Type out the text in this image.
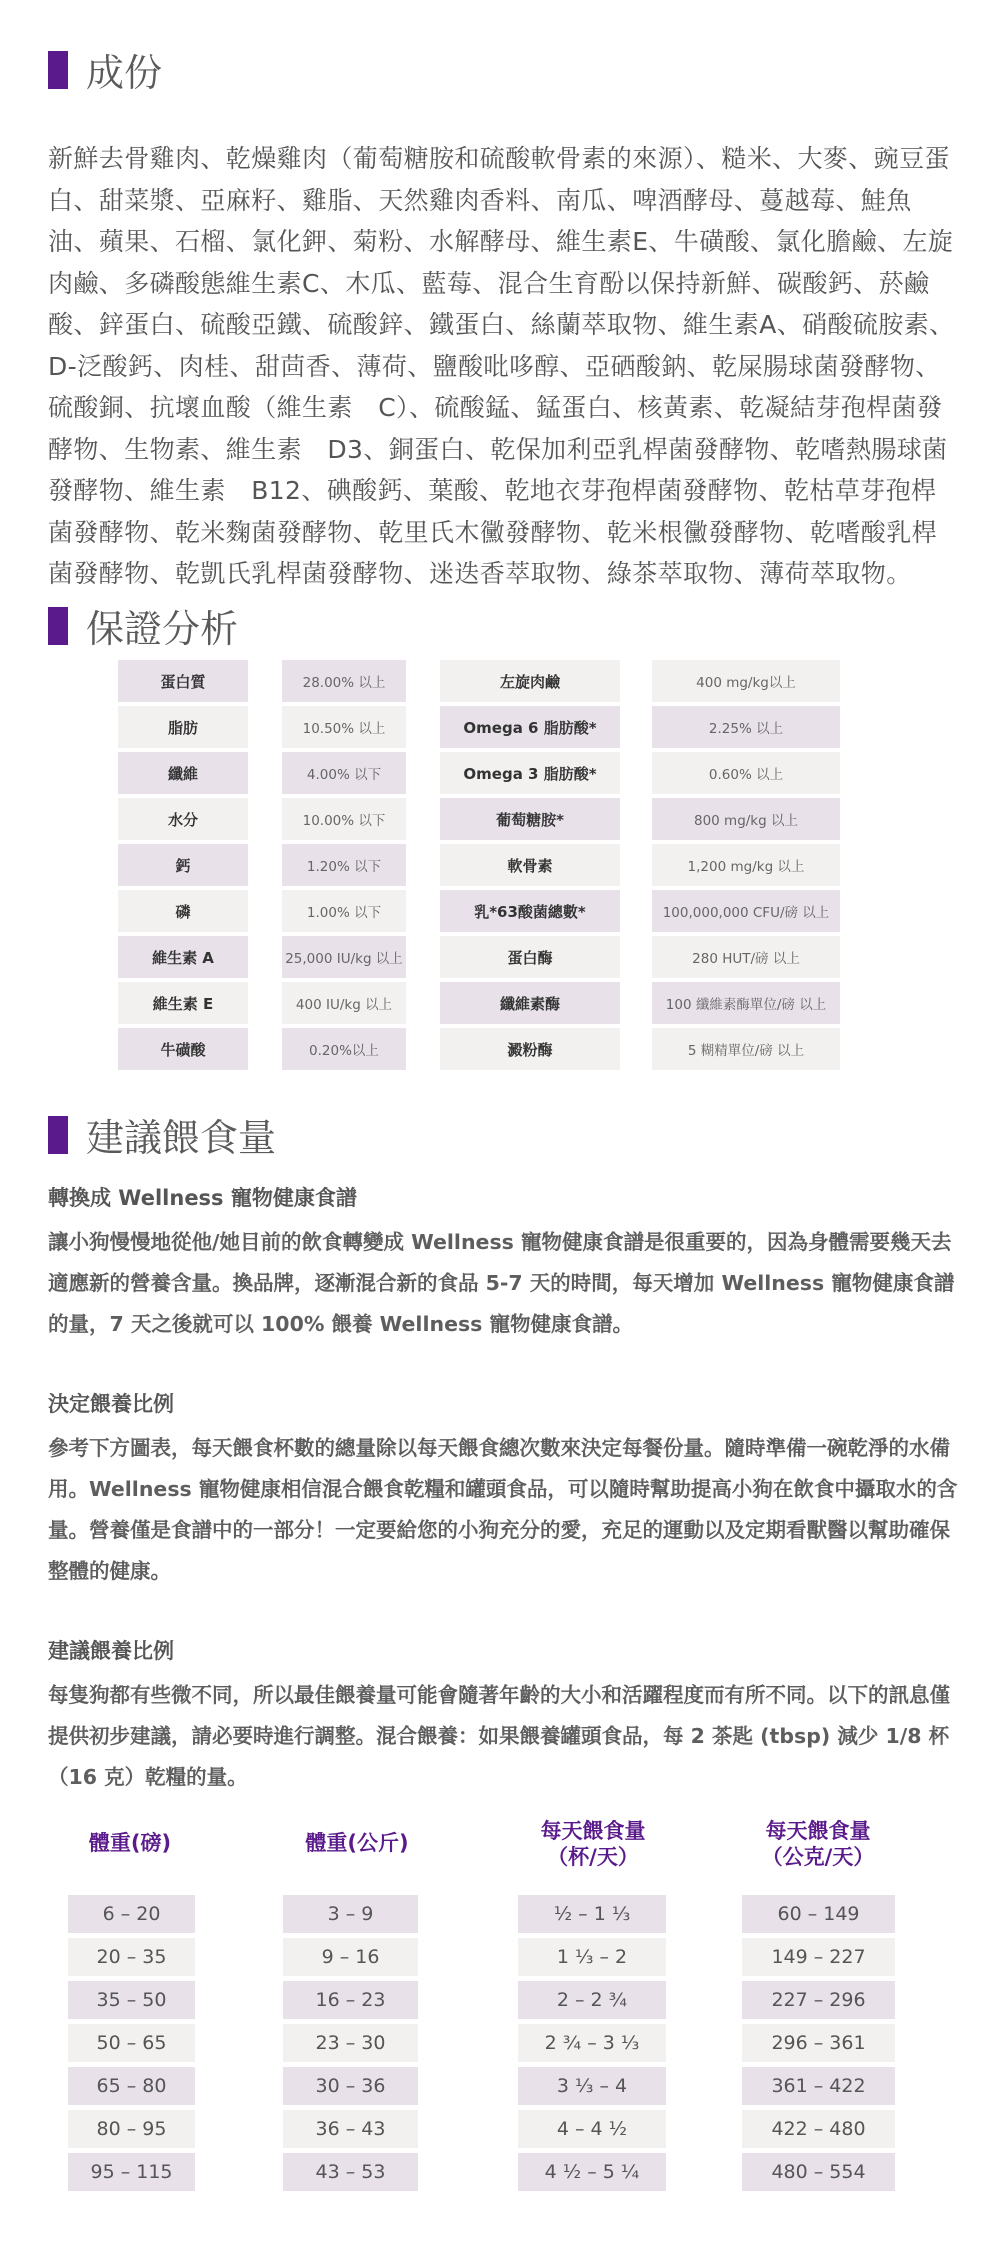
成份

新鮮去骨雞肉、乾燥雞肉（葡萄糖胺和硫酸軟骨素的來源）、糙米、大麥、豌豆蛋白、甜菜漿、亞麻籽、雞脂、天然雞肉香料、南瓜、啤酒酵母、蔓越莓、鮭魚油、蘋果、石榴、氯化鉀、菊粉、水解酵母、維生素E、牛磺酸、氯化膽鹼、左旋肉鹼、多磷酸態維生素C、木瓜、藍莓、混合生育酚以保持新鮮、碳酸鈣、菸鹼酸、鋅蛋白、硫酸亞鐵、硫酸鋅、鐵蛋白、絲蘭萃取物、維生素A、硝酸硫胺素、D-泛酸鈣、肉桂、甜茴香、薄荷、鹽酸吡哆醇、亞硒酸鈉、乾屎腸球菌發酵物、硫酸銅、抗壞血酸（維生素　C）、硫酸錳、錳蛋白、核黃素、乾凝結芽孢桿菌發酵物、生物素、維生素　D3、銅蛋白、乾保加利亞乳桿菌發酵物、乾嗜熱腸球菌發酵物、維生素　B12、碘酸鈣、葉酸、乾地衣芽孢桿菌發酵物、乾枯草芽孢桿菌發酵物、乾米麴菌發酵物、乾里氏木黴發酵物、乾米根黴發酵物、乾嗜酸乳桿菌發酵物、乾凱氏乳桿菌發酵物、迷迭香萃取物、綠茶萃取物、薄荷萃取物。

保證分析
蛋白質
脂肪
纖維
水分
鈣
磷
維生素 A
維生素 E
牛磺酸
28.00% 以上
10.50% 以上
4.00% 以下
10.00% 以下
1.20% 以下
1.00% 以下
25,000 IU/kg 以上
400 IU/kg 以上
0.20%以上
左旋肉鹼
Omega 6 脂肪酸*
Omega 3 脂肪酸*
葡萄糖胺*
軟骨素
乳*63酸菌總數*
蛋白酶
纖維素酶
澱粉酶
400 mg/kg以上
2.25% 以上
0.60% 以上
800 mg/kg 以上
1,200 mg/kg 以上
100,000,000 CFU/磅 以上
280 HUT/磅 以上
100 纖維素酶單位/磅 以上
5 糊精單位/磅 以上
建議餵食量

轉換成 Wellness 寵物健康食譜

讓小狗慢慢地從他/她目前的飲食轉變成 Wellness 寵物健康食譜是很重要的，因為身體需要幾天去適應新的營養含量。換品牌，逐漸混合新的食品 5-7 天的時間，每天增加 Wellness 寵物健康食譜的量，7 天之後就可以 100% 餵養 Wellness 寵物健康食譜。

決定餵養比例

參考下方圖表，每天餵食杯數的總量除以每天餵食總次數來決定每餐份量。隨時準備一碗乾淨的水備用。Wellness 寵物健康相信混合餵食乾糧和罐頭食品，可以隨時幫助提高小狗在飲食中攝取水的含量。營養僅是食譜中的一部分！一定要給您的小狗充分的愛，充足的運動以及定期看獸醫以幫助確保整體的健康。

建議餵養比例

每隻狗都有些微不同，所以最佳餵養量可能會隨著年齡的大小和活躍程度而有所不同。以下的訊息僅提供初步建議，請必要時進行調整。混合餵養：如果餵養罐頭食品，每 2 茶匙 (tbsp) 減少 1/8 杯（16 克）乾糧的量。

體重(磅)	體重(公斤)	每天餵食量
（杯/天）
每天餵食量
（公克/天）
6 – 20
20 – 35
35 – 50
50 – 65
65 – 80
80 – 95
95 – 115
3 – 9
9 – 16
16 – 23
23 – 30
30 – 36
36 – 43
43 – 53
½ – 1 ⅓
1 ⅓ – 2
2 – 2 ¾
2 ¾ – 3 ⅓
3 ⅓ – 4
4 – 4 ½
4 ½ – 5 ¼
60 – 149
149 – 227
227 – 296
296 – 361
361 – 422
422 – 480
480 – 554
